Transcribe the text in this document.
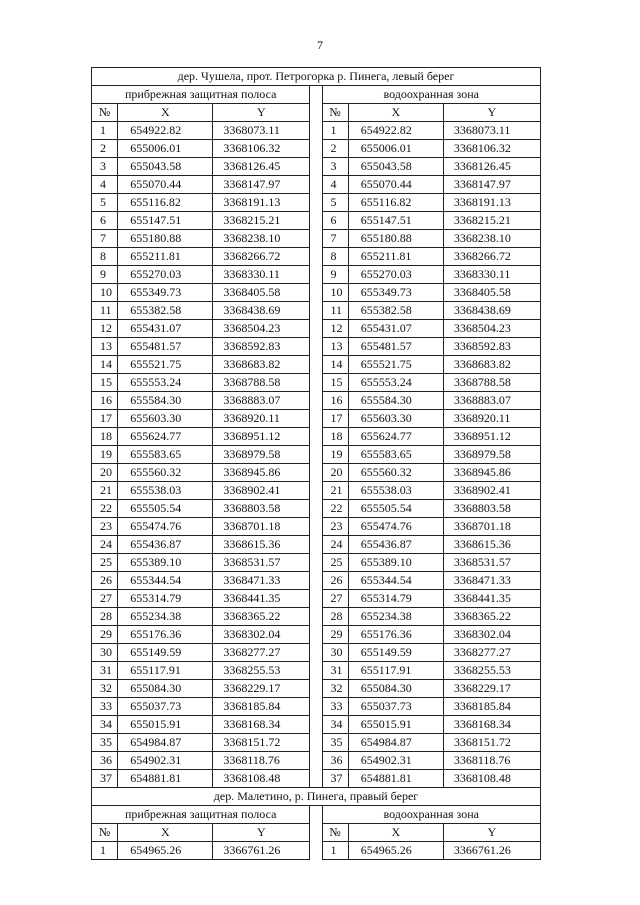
7
дер. Чушела, прот. Петрогорка р. Пинега, левый берег						
прибрежная защитная полоса				водоохранная зона		
№	X	Y		№	X	Y
1	654922.82	3368073.11		1	654922.82	3368073.11
2	655006.01	3368106.32		2	655006.01	3368106.32
3	655043.58	3368126.45		3	655043.58	3368126.45
4	655070.44	3368147.97		4	655070.44	3368147.97
5	655116.82	3368191.13		5	655116.82	3368191.13
6	655147.51	3368215.21		6	655147.51	3368215.21
7	655180.88	3368238.10		7	655180.88	3368238.10
8	655211.81	3368266.72		8	655211.81	3368266.72
9	655270.03	3368330.11		9	655270.03	3368330.11
10	655349.73	3368405.58		10	655349.73	3368405.58
11	655382.58	3368438.69		11	655382.58	3368438.69
12	655431.07	3368504.23		12	655431.07	3368504.23
13	655481.57	3368592.83		13	655481.57	3368592.83
14	655521.75	3368683.82		14	655521.75	3368683.82
15	655553.24	3368788.58		15	655553.24	3368788.58
16	655584.30	3368883.07		16	655584.30	3368883.07
17	655603.30	3368920.11		17	655603.30	3368920.11
18	655624.77	3368951.12		18	655624.77	3368951.12
19	655583.65	3368979.58		19	655583.65	3368979.58
20	655560.32	3368945.86		20	655560.32	3368945.86
21	655538.03	3368902.41		21	655538.03	3368902.41
22	655505.54	3368803.58		22	655505.54	3368803.58
23	655474.76	3368701.18		23	655474.76	3368701.18
24	655436.87	3368615.36		24	655436.87	3368615.36
25	655389.10	3368531.57		25	655389.10	3368531.57
26	655344.54	3368471.33		26	655344.54	3368471.33
27	655314.79	3368441.35		27	655314.79	3368441.35
28	655234.38	3368365.22		28	655234.38	3368365.22
29	655176.36	3368302.04		29	655176.36	3368302.04
30	655149.59	3368277.27		30	655149.59	3368277.27
31	655117.91	3368255.53		31	655117.91	3368255.53
32	655084.30	3368229.17		32	655084.30	3368229.17
33	655037.73	3368185.84		33	655037.73	3368185.84
34	655015.91	3368168.34		34	655015.91	3368168.34
35	654984.87	3368151.72		35	654984.87	3368151.72
36	654902.31	3368118.76		36	654902.31	3368118.76
37	654881.81	3368108.48		37	654881.81	3368108.48
дер. Малетино, р. Пинега, правый берег						
прибрежная защитная полоса				водоохранная зона		
№	X	Y		№	X	Y
1	654965.26	3366761.26		1	654965.26	3366761.26
